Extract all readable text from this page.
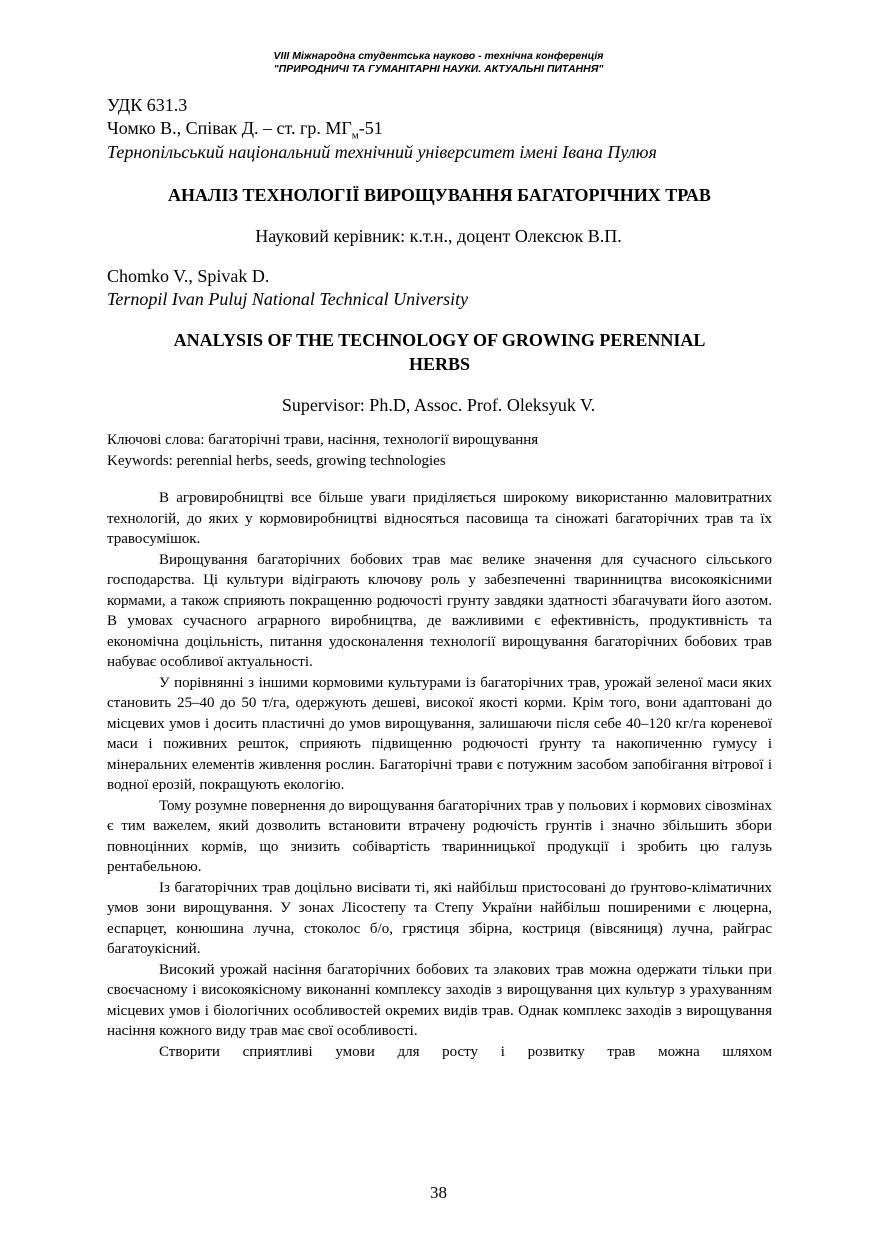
VIII Міжнародна студентська науково - технічна конференція
"ПРИРОДНИЧІ ТА ГУМАНІТАРНІ НАУКИ. АКТУАЛЬНІ ПИТАННЯ"
УДК 631.3
Чомко В., Співак Д. – ст. гр. $МГ_м-51$
Тернопільський національний технічний університет імені Івана Пулюя
АНАЛІЗ ТЕХНОЛОГІЇ ВИРОЩУВАННЯ БАГАТОРІЧНИХ ТРАВ
Науковий керівник: к.т.н., доцент Олексюк В.П.
Chomko V., Spivak D.
Ternopil Ivan Puluj National Technical University
ANALYSIS OF THE TECHNOLOGY OF GROWING PERENNIAL
HERBS
Supervisor: Ph.D, Assoc. Prof. Oleksyuk V.
Ключові слова: багаторічні трави, насіння, технології вирощування
Keywords: perennial herbs, seeds, growing technologies

В агровиробництві все більше уваги приділяється широкому використанню маловитратних технологій, до яких у кормовиробництві відносяться пасовища та сіножаті багаторічних трав та їх травосумішок.

Вирощування багаторічних бобових трав має велике значення для сучасного сільського господарства. Ці культури відіграють ключову роль у забезпеченні тваринництва високоякісними кормами, а також сприяють покращенню родючості грунту завдяки здатності збагачувати його азотом. В умовах сучасного аграрного виробництва, де важливими є ефективність, продуктивність та економічна доцільність, питання удосконалення технології вирощування багаторічних бобових трав набуває особливої актуальності.

У порівнянні з іншими кормовими культурами із багаторічних трав, урожай зеленої маси яких становить 25–40 до 50 т/га, одержують дешеві, високої якості корми. Крім того, вони адаптовані до місцевих умов і досить пластичні до умов вирощування, залишаючи після себе 40–120 кг/га кореневої маси і поживних решток, сприяють підвищенню родючості ґрунту та накопиченню гумусу і мінеральних елементів живлення рослин. Багаторічні трави є потужним засобом запобігання вітрової і водної ерозій, покращують екологію.

Тому розумне повернення до вирощування багаторічних трав у польових і кормових сівозмінах є тим важелем, який дозволить встановити втрачену родючість грунтів і значно збільшить збори повноцінних кормів, що знизить собівартість тваринницької продукції і зробить цю галузь рентабельною.

Із багаторічних трав доцільно висівати ті, які найбільш пристосовані до ґрунтово-кліматичних умов зони вирощування. У зонах Лісостепу та Степу України найбільш поширеними є люцерна, еспарцет, конюшина лучна, стоколос б/о, грястиця збірна, костриця (вівсяниця) лучна, райграс багатоукісний.

Високий урожай насіння багаторічних бобових та злакових трав можна одержати тільки при своєчасному і високоякісному виконанні комплексу заходів з вирощування цих культур з урахуванням місцевих умов і біологічних особливостей окремих видів трав. Однак комплекс заходів з вирощування насіння кожного виду трав має свої особливості.

Створити сприятливі умови для росту і розвитку трав можна шляхом

38
